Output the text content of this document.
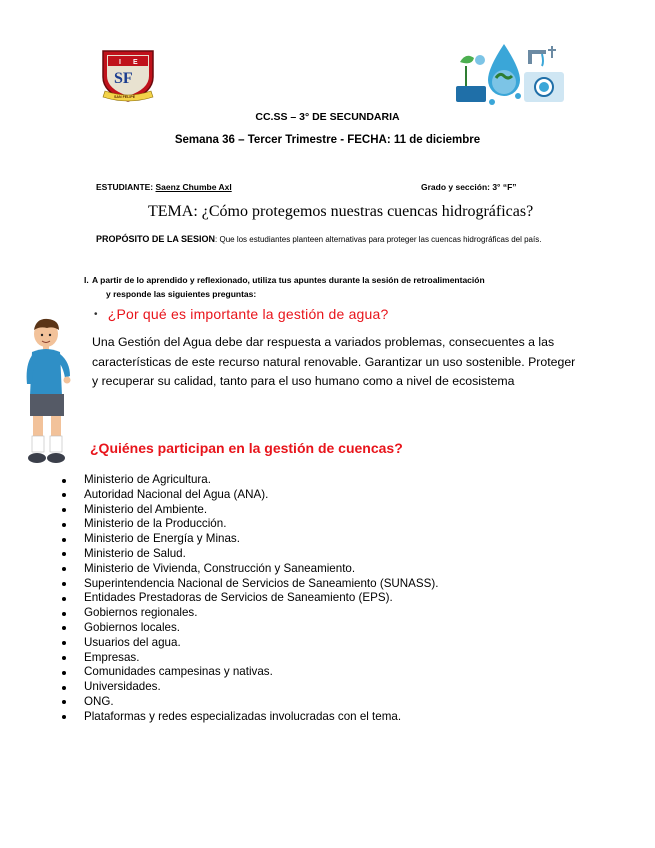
I E
SF
SAN FELIPE
CC.SS – 3° DE SECUNDARIA
Semana 36 – Tercer Trimestre - FECHA: 11 de diciembre
ESTUDIANTE: Saenz Chumbe Axl	Grado y sección: 3° “F”
TEMA: ¿Cómo protegemos nuestras cuencas hidrográficas?
PROPÓSITO DE LA SESION: Que los estudiantes planteen alternativas para proteger las cuencas hidrográficas del país.
I. A partir de lo aprendido y reflexionado, utiliza tus apuntes durante la sesión de retroalimentación
y responde las siguientes preguntas:
• ¿Por qué es importante la gestión de agua?
Una Gestión del Agua debe dar respuesta a variados problemas, consecuentes a las características de este recurso natural renovable. Garantizar un uso sostenible. Proteger y recuperar su calidad, tanto para el uso humano como a nivel de ecosistema
¿Quiénes participan en la gestión de cuencas?
Ministerio de Agricultura.
Autoridad Nacional del Agua (ANA).
Ministerio del Ambiente.
Ministerio de la Producción.
Ministerio de Energía y Minas.
Ministerio de Salud.
Ministerio de Vivienda, Construcción y Saneamiento.
Superintendencia Nacional de Servicios de Saneamiento (SUNASS).
Entidades Prestadoras de Servicios de Saneamiento (EPS).
Gobiernos regionales.
Gobiernos locales.
Usuarios del agua.
Empresas.
Comunidades campesinas y nativas.
Universidades.
ONG.
Plataformas y redes especializadas involucradas con el tema.
